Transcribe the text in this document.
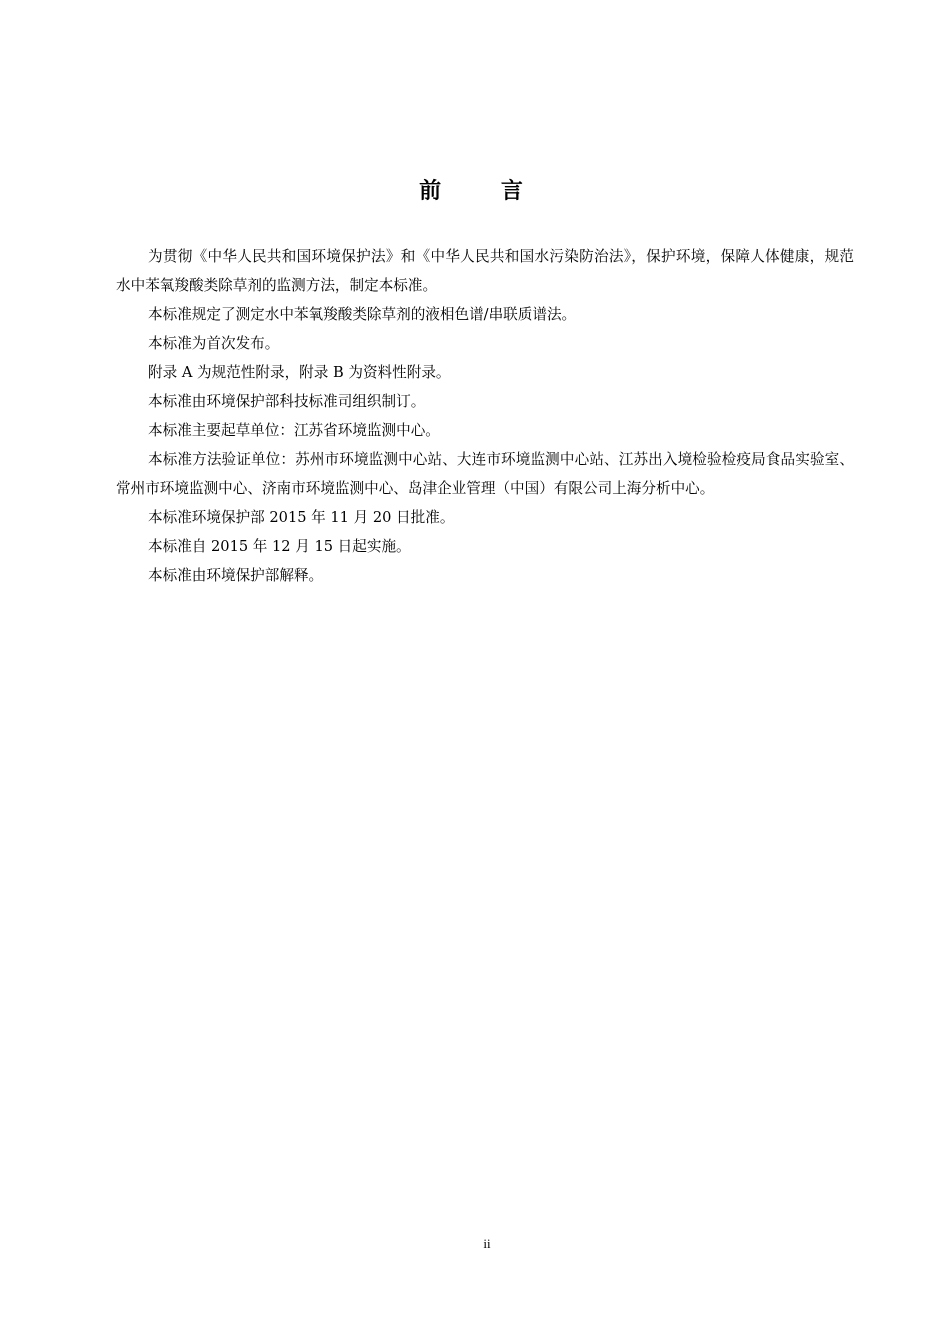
前 言

为贯彻《中华人民共和国环境保护法》和《中华人民共和国水污染防治法》，保护环境，保障人体健康，规范水中苯氧羧酸类除草剂的监测方法，制定本标准。

本标准规定了测定水中苯氧羧酸类除草剂的液相色谱/串联质谱法。

本标准为首次发布。

附录 A 为规范性附录，附录 B 为资料性附录。

本标准由环境保护部科技标准司组织制订。

本标准主要起草单位：江苏省环境监测中心。

本标准方法验证单位：苏州市环境监测中心站、大连市环境监测中心站、江苏出入境检验检疫局食品实验室、常州市环境监测中心、济南市环境监测中心、岛津企业管理（中国）有限公司上海分析中心。

本标准环境保护部 2015 年 11 月 20 日批准。

本标准自 2015 年 12 月 15 日起实施。

本标准由环境保护部解释。

ii
